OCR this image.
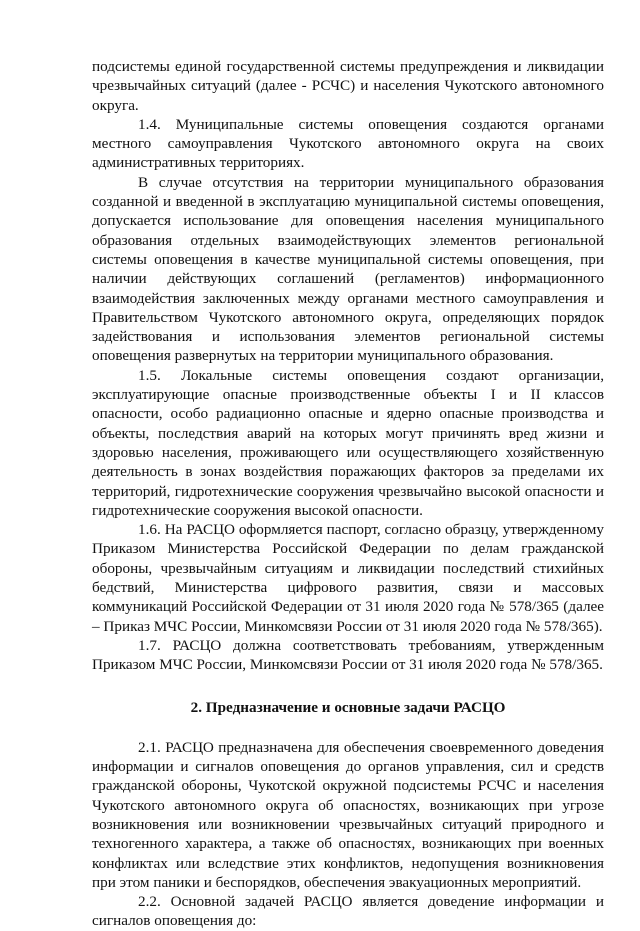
подсистемы единой государственной системы предупреждения и ликвидации чрезвычайных ситуаций (далее - РСЧС) и населения Чукотского автономного округа.

1.4. Муниципальные системы оповещения создаются органами местного самоуправления Чукотского автономного округа на своих административных территориях.

В случае отсутствия на территории муниципального образования созданной и введенной в эксплуатацию муниципальной системы оповещения, допускается использование для оповещения населения муниципального образования отдельных взаимодействующих элементов региональной системы оповещения в качестве муниципальной системы оповещения, при наличии действующих соглашений (регламентов) информационного взаимодействия заключенных между органами местного самоуправления и Правительством Чукотского автономного округа, определяющих порядок задействования и использования элементов региональной системы оповещения развернутых на территории муниципального образования.

1.5. Локальные системы оповещения создают организации, эксплуатирующие опасные производственные объекты I и II классов опасности, особо радиационно опасные и ядерно опасные производства и объекты, последствия аварий на которых могут причинять вред жизни и здоровью населения, проживающего или осуществляющего хозяйственную деятельность в зонах воздействия поражающих факторов за пределами их территорий, гидротехнические сооружения чрезвычайно высокой опасности и гидротехнические сооружения высокой опасности.

1.6. На РАСЦО оформляется паспорт, согласно образцу, утвержденному Приказом Министерства Российской Федерации по делам гражданской обороны, чрезвычайным ситуациям и ликвидации последствий стихийных бедствий, Министерства цифрового развития, связи и массовых коммуникаций Российской Федерации от 31 июля 2020 года № 578/365 (далее – Приказ МЧС России, Минкомсвязи России от 31 июля 2020 года № 578/365).

1.7. РАСЦО должна соответствовать требованиям, утвержденным Приказом МЧС России, Минкомсвязи России от 31 июля 2020 года № 578/365.

2. Предназначение и основные задачи РАСЦО

2.1. РАСЦО предназначена для обеспечения своевременного доведения информации и сигналов оповещения до органов управления, сил и средств гражданской обороны, Чукотской окружной подсистемы РСЧС и населения Чукотского автономного округа об опасностях, возникающих при угрозе возникновения или возникновении чрезвычайных ситуаций природного и техногенного характера, а также об опасностях, возникающих при военных конфликтах или вследствие этих конфликтов, недопущения возникновения при этом паники и беспорядков, обеспечения эвакуационных мероприятий.

2.2. Основной задачей РАСЦО является доведение информации и сигналов оповещения до:
